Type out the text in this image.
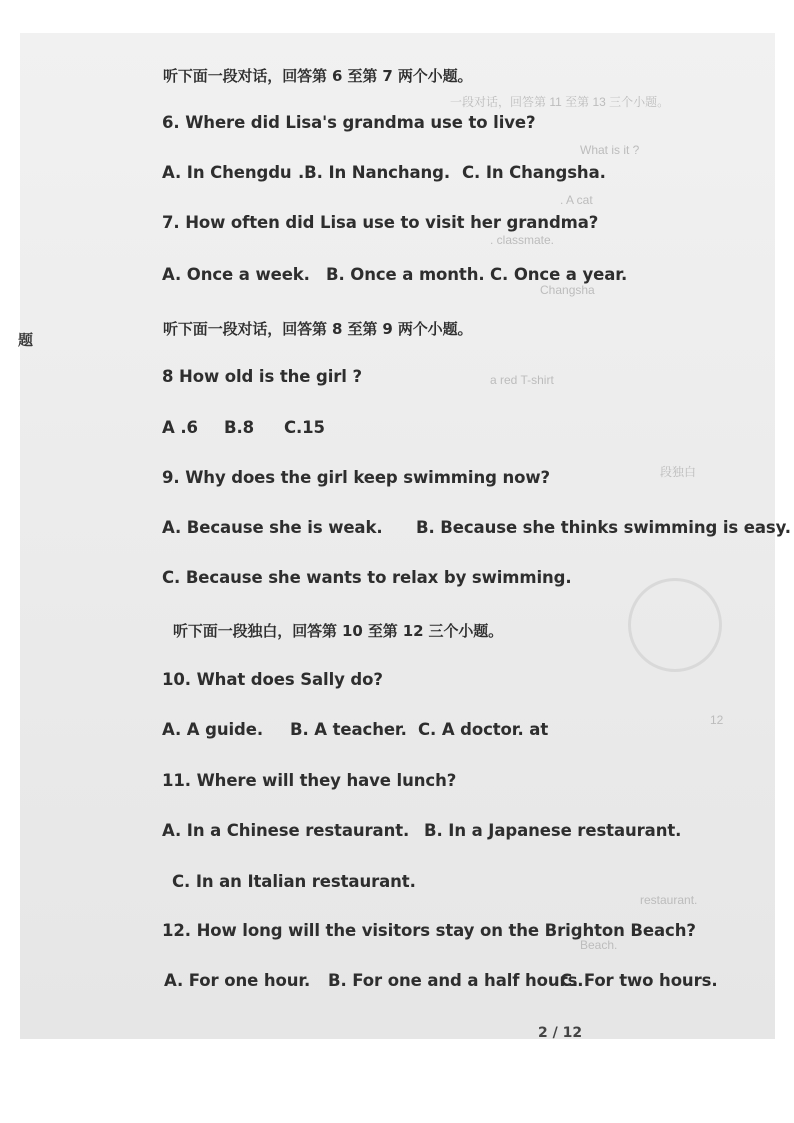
一段对话，回答第 11 至第 13 三个小题。
What is it ?
. A cat
. classmate.
Changsha
a red T-shirt
段独白
12
restaurant.
Beach.
题
听下面一段对话，回答第 6 至第 7 两个小题。
6. Where did Lisa's grandma use to live?
A. In Chengdu .B. In Nanchang. C. In Changsha.
7. How often did Lisa use to visit her grandma?
A. Once a week. B. Once a month. C. Once a year.
听下面一段对话，回答第 8 至第 9 两个小题。
8 How old is the girl ?
A .6 B.8 C.15
9. Why does the girl keep swimming now?
A. Because she is weak. B. Because she thinks swimming is easy.
C. Because she wants to relax by swimming.
听下面一段独白，回答第 10 至第 12 三个小题。
10. What does Sally do?
A. A guide. B. A teacher. C. A doctor. at
11. Where will they have lunch?
A. In a Chinese restaurant. B. In a Japanese restaurant.
C. In an Italian restaurant.
12. How long will the visitors stay on the Brighton Beach?
A. For one hour. B. For one and a half hours.
C. For two hours.
2 / 12
